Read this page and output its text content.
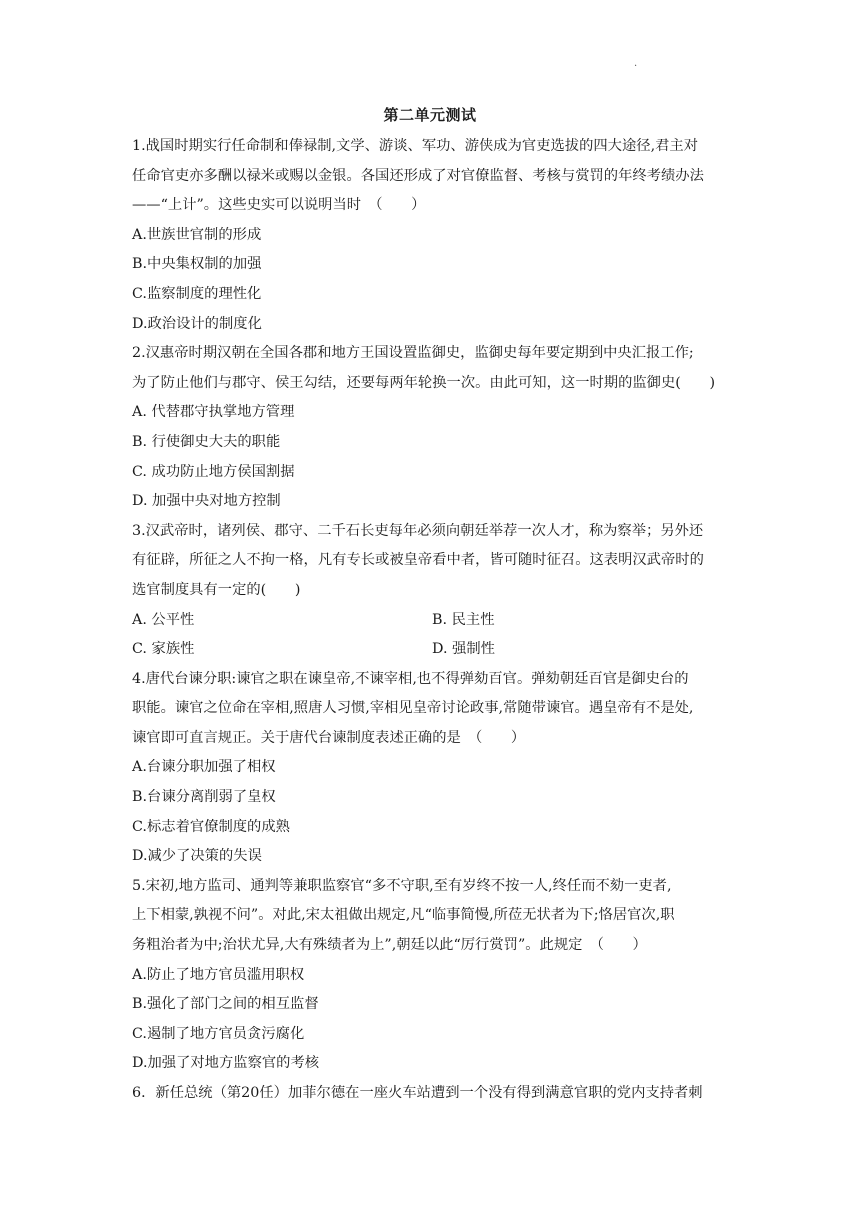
.
第二单元测试
1.战国时期实行任命制和俸禄制,文学、游谈、军功、游侠成为官吏选拔的四大途径,君主对
任命官吏亦多酬以禄米或赐以金银。各国还形成了对官僚监督、考核与赏罚的年终考绩办法
——“上计”。这些史实可以说明当时　（　　）
A.世族世官制的形成
B.中央集权制的加强
C.监察制度的理性化
D.政治设计的制度化
2.汉惠帝时期汉朝在全国各郡和地方王国设置监御史，监御史每年要定期到中央汇报工作;
为了防止他们与郡守、侯王勾结，还要每两年轮换一次。由此可知，这一时期的监御史(　　)
A. 代替郡守执掌地方管理
B. 行使御史大夫的职能
C. 成功防止地方侯国割据
D. 加强中央对地方控制
3.汉武帝时，诸列侯、郡守、二千石长吏每年必须向朝廷举荐一次人才，称为察举；另外还
有征辟，所征之人不拘一格，凡有专长或被皇帝看中者，皆可随时征召。这表明汉武帝时的
选官制度具有一定的(　　)
A. 公平性	B. 民主性
C. 家族性	D. 强制性
4.唐代台谏分职:谏官之职在谏皇帝,不谏宰相,也不得弹劾百官。弹劾朝廷百官是御史台的
职能。谏官之位命在宰相,照唐人习惯,宰相见皇帝讨论政事,常随带谏官。遇皇帝有不是处,
谏官即可直言规正。关于唐代台谏制度表述正确的是　（　　）
A.台谏分职加强了相权
B.台谏分离削弱了皇权
C.标志着官僚制度的成熟
D.减少了决策的失误
5.宋初,地方监司、通判等兼职监察官“多不守职,至有岁终不按一人,终任而不劾一吏者,
上下相蒙,孰视不问”。对此,宋太祖做出规定,凡“临事简慢,所莅无状者为下;恪居官次,职
务粗治者为中;治状尤异,大有殊绩者为上”,朝廷以此“厉行赏罚”。此规定　（　　）
A.防止了地方官员滥用职权
B.强化了部门之间的相互监督
C.遏制了地方官员贪污腐化
D.加强了对地方监察官的考核
6．新任总统（第20任）加菲尔德在一座火车站遭到一个没有得到满意官职的党内支持者刺
